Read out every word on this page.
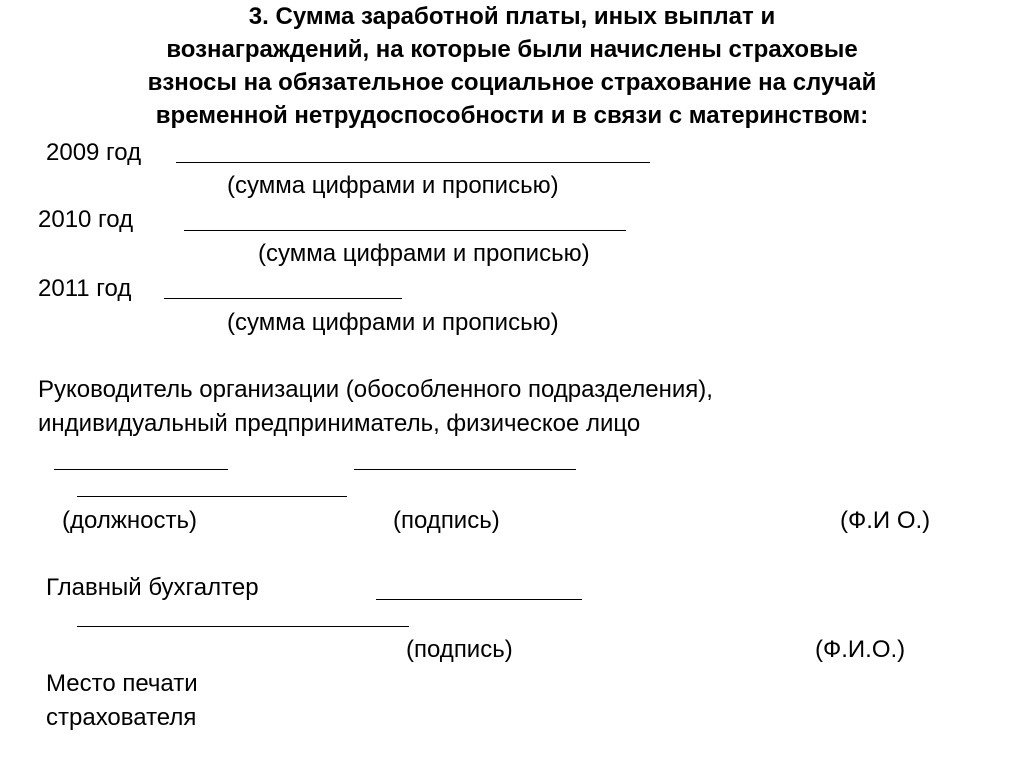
3. Сумма заработной платы, иных выплат и
вознаграждений, на которые были начислены страховые
взносы на обязательное социальное страхование на случай
временной нетрудоспособности и в связи с материнством:
2009 год
(сумма цифрами и прописью)
2010 год
(сумма цифрами и прописью)
2011 год
(сумма цифрами и прописью)
Руководитель организации (обособленного подразделения),
индивидуальный предприниматель, физическое лицо
(должность)	(подпись)	(Ф.И О.)
Главный бухгалтер
(подпись)	(Ф.И.О.)
Место печати
страхователя
